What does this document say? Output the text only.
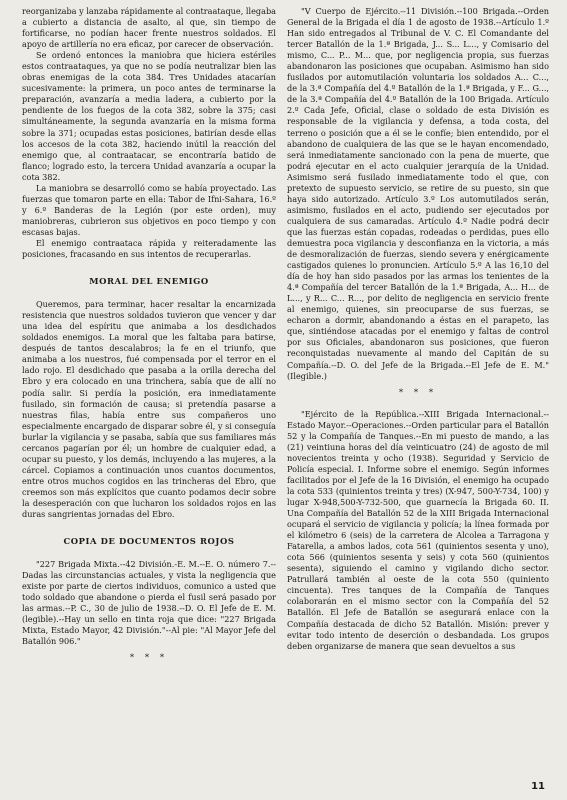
reorganizaba y lanzaba rápidamente al contraataque, llegaba a cubierto a distancia de asalto, al que, sin tiempo de fortificarse, no podían hacer frente nuestros soldados. El apoyo de artillería no era eficaz, por carecer de observación.

Se ordenó entonces la maniobra que hiciera estériles estos contraataques, ya que no se podía neutralizar bien las obras enemigas de la cota 384. Tres Unidades atacarían sucesivamente: la primera, un poco antes de terminarse la preparación, avanzaría a media ladera, a cubierto por la pendiente de los fuegos de la cota 382, sobre la 375; casi simultáneamente, la segunda avanzaría en la misma forma sobre la 371; ocupadas estas posiciones, batirían desde ellas los accesos de la cota 382, haciendo inútil la reacción del enemigo que, al contraatacar, se encontraría batido de flanco; logrado esto, la tercera Unidad avanzaría a ocupar la cota 382.

La maniobra se desarrolló como se había proyectado. Las fuerzas que tomaron parte en ella: Tabor de Ifni-Sahara, 16.º y 6.º Banderas de la Legión (por este orden), muy maniobreras, cubrieron sus objetivos en poco tiempo y con escasas bajas.

El enemigo contraataca rápida y reiteradamente las posiciones, fracasando en sus intentos de recuperarlas.

MORAL DEL ENEMIGO

Queremos, para terminar, hacer resaltar la encarnizada resistencia que nuestros soldados tuvieron que vencer y dar una idea del espíritu que animaba a los desdichados soldados enemigos. La moral que les faltaba para batirse, después de tantos descalabros; la fe en el triunfo, que animaba a los nuestros, fué compensada por el terror en el lado rojo. El desdichado que pasaba a la orilla derecha del Ebro y era colocado en una trinchera, sabía que de allí no podía salir. Si perdía la posición, era inmediatamente fusilado, sin formación de causa; si pretendía pasarse a nuestras filas, había entre sus compañeros uno especialmente encargado de disparar sobre él, y si conseguía burlar la vigilancia y se pasaba, sabía que sus familiares más cercanos pagarían por él; un hombre de cualquier edad, a ocupar su puesto, y los demás, incluyendo a las mujeres, a la cárcel. Copiamos a continuación unos cuantos documentos, entre otros muchos cogidos en las trincheras del Ebro, que creemos son más explícitos que cuanto podamos decir sobre la desesperación con que lucharon los soldados rojos en las duras sangrientas jornadas del Ebro.

COPIA DE DOCUMENTOS ROJOS

"227 Brigada Mixta.--42 División.-E. M.--E. O. número 7.--Dadas las circunstancias actuales, y vista la negligencia que existe por parte de ciertos individuos, comunico a usted que todo soldado que abandone o pierda el fusil será pasado por las armas.--P. C., 30 de julio de 1938.--D. O. El Jefe de E. M. (legible).--Hay un sello en tinta roja que dice: "227 Brigada Mixta, Estado Mayor, 42 División."--Al pie: "Al Mayor Jefe del Batallón 906."

* * *

"V Cuerpo de Ejército.--11 División.--100 Brigada.--Orden General de la Brigada el día 1 de agosto de 1938.--Artículo 1.º Han sido entregados al Tribunal de V. C. El Comandante del tercer Batallón de la 1.ª Brigada, J... S... L..., y Comisario del mismo, C... P... M... que, por negligencia propia, sus fuerzas abandonaron las posiciones que ocupaban. Asimismo han sido fusilados por automutilación voluntaria los soldados A... C..., de la 3.ª Compañía del 4.º Batallón de la 1.ª Brigada, y F... G..., de la 3.ª Compañía del 4.º Batallón de la 100 Brigada. Artículo 2.º Cada Jefe, Oficial, clase o soldado de esta División es responsable de la vigilancia y defensa, a toda costa, del terreno o posición que a él se le confíe; bien entendido, por el abandono de cualquiera de las que se le hayan encomendado, será inmediatamente sancionado con la pena de muerte, que podrá ejecutar en el acto cualquier jerarquía de la Unidad. Asimismo será fusilado inmediatamente todo el que, con pretexto de supuesto servicio, se retire de su puesto, sin que haya sido autorizado. Artículo 3.º Los automutilados serán, asimismo, fusilados en el acto, pudiendo ser ejecutados por cualquiera de sus camaradas. Artículo 4.º Nadie podrá decir que las fuerzas están copadas, rodeadas o perdidas, pues ello demuestra poca vigilancia y desconfianza en la victoria, a más de desmoralización de fuerzas, siendo severa y enérgicamente castigados quienes lo pronuncien. Artículo 5.º A las 16,10 del día de hoy han sido pasados por las armas los tenientes de la 4.ª Compañía del tercer Batallón de la 1.ª Brigada, A... H... de L..., y R... C... R..., por delito de negligencia en servicio frente al enemigo, quienes, sin preocuparse de sus fuerzas, se echaron a dormir, abandonando a éstas en el parapeto, las que, sintiéndose atacadas por el enemigo y faltas de control por sus Oficiales, abandonaron sus posiciones, que fueron reconquistadas nuevamente al mando del Capitán de su Compañía.--D. O. del Jefe de la Brigada.--El Jefe de E. M." (Ilegible.)

* * *

"Ejército de la República.--XIII Brigada Internacional.--Estado Mayor.--Operaciones.--Orden particular para el Batallón 52 y la Compañía de Tanques.--En mi puesto de mando, a las (21) veintiuna horas del día veinticuatro (24) de agosto de mil novecientos treinta y ocho (1938). Seguridad y Servicio de Policía especial. I. Informe sobre el enemigo. Según informes facilitados por el Jefe de la 16 División, el enemigo ha ocupado la cota 533 (quinientos treinta y tres) (X-947, 500-Y-734, 100) y lugar X-948,500-Y-732-500, que guarnecía la Brigada 60. II. Una Compañía del Batallón 52 de la XIII Brigada Internacional ocupará el servicio de vigilancia y policía; la línea formada por el kilómetro 6 (seis) de la carretera de Alcolea a Tarragona y Fatarella, a ambos lados, cota 561 (quinientos sesenta y uno), cota 566 (quinientos sesenta y seis) y cota 560 (quinientos sesenta), siguiendo el camino y vigilando dicho sector. Patrullará también al oeste de la cota 550 (quiniento cincuenta). Tres tanques de la Compañía de Tanques colaborarán en el mismo sector con la Compañía del 52 Batallón. El Jefe de Batallón se asegurará enlace con la Compañía destacada de dicho 52 Batallón. Misión: prever y evitar todo intento de deserción o desbandada. Los grupos deben organizarse de manera que sean devueltos a sus

11
